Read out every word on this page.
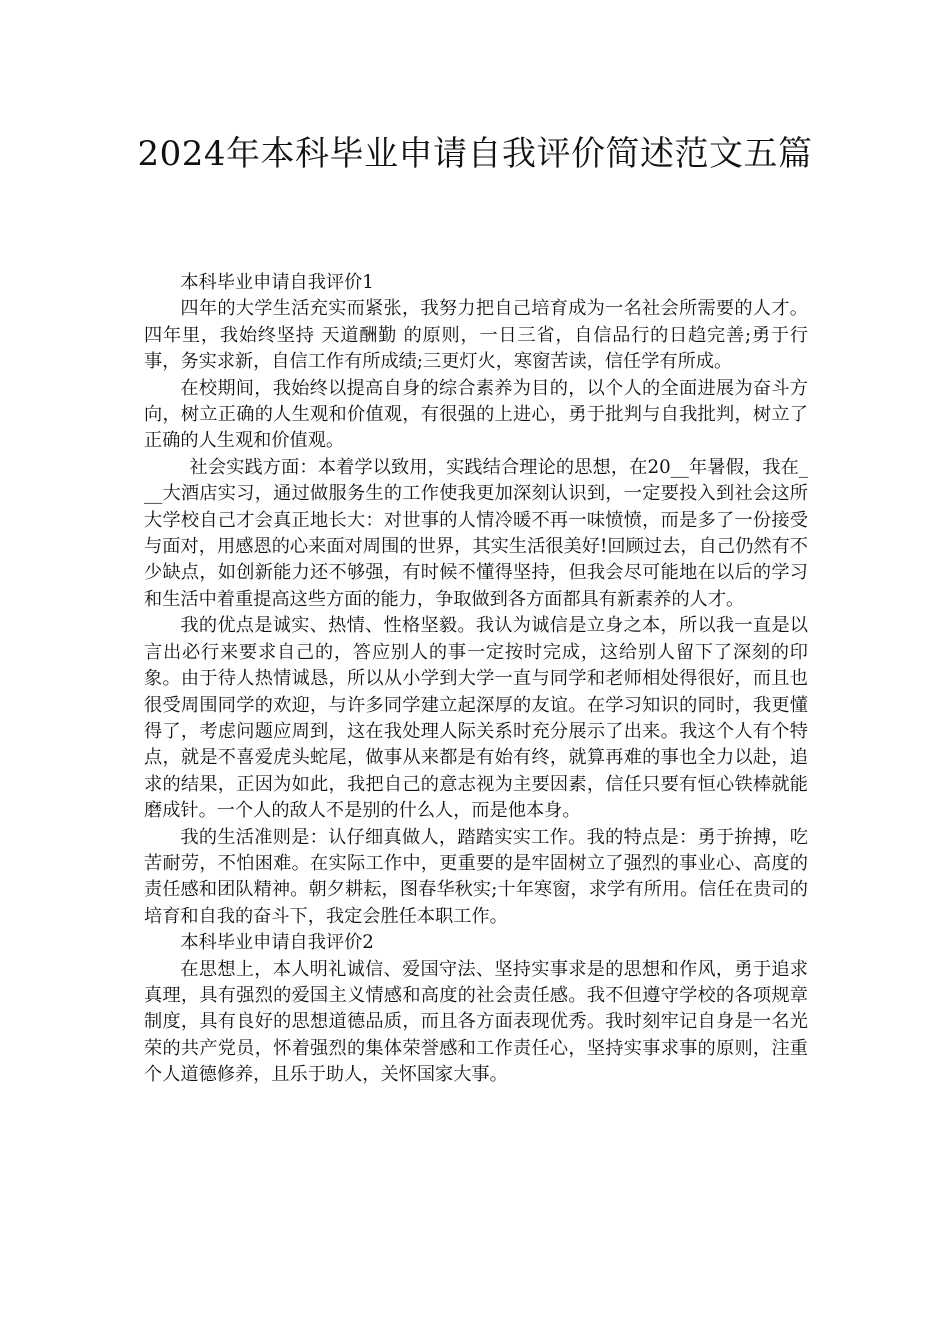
2024年本科毕业申请自我评价简述范文五篇

本科毕业申请自我评价1

四年的大学生活充实而紧张，我努力把自己培育成为一名社会所需要的人才。四年里，我始终坚持 天道酬勤 的原则，一日三省，自信品行的日趋完善;勇于行事，务实求新，自信工作有所成绩;三更灯火，寒窗苦读，信任学有所成。

在校期间，我始终以提高自身的综合素养为目的，以个人的全面进展为奋斗方向，树立正确的人生观和价值观，有很强的上进心，勇于批判与自我批判，树立了正确的人生观和价值观。

社会实践方面：本着学以致用，实践结合理论的思想，在20__年暑假，我在___大酒店实习，通过做服务生的工作使我更加深刻认识到，一定要投入到社会这所大学校自己才会真正地长大：对世事的人情冷暖不再一味愤愤，而是多了一份接受与面对，用感恩的心来面对周围的世界，其实生活很美好!回顾过去，自己仍然有不少缺点，如创新能力还不够强，有时候不懂得坚持，但我会尽可能地在以后的学习和生活中着重提高这些方面的能力，争取做到各方面都具有新素养的人才。

我的优点是诚实、热情、性格坚毅。我认为诚信是立身之本，所以我一直是以言出必行来要求自己的，答应别人的事一定按时完成，这给别人留下了深刻的印象。由于待人热情诚恳，所以从小学到大学一直与同学和老师相处得很好，而且也很受周围同学的欢迎，与许多同学建立起深厚的友谊。在学习知识的同时，我更懂得了，考虑问题应周到，这在我处理人际关系时充分展示了出来。我这个人有个特点，就是不喜爱虎头蛇尾，做事从来都是有始有终，就算再难的事也全力以赴，追求的结果，正因为如此，我把自己的意志视为主要因素，信任只要有恒心铁棒就能磨成针。一个人的敌人不是别的什么人，而是他本身。

我的生活准则是：认仔细真做人，踏踏实实工作。我的特点是：勇于拚搏，吃苦耐劳，不怕困难。在实际工作中，更重要的是牢固树立了强烈的事业心、高度的责任感和团队精神。朝夕耕耘，图春华秋实;十年寒窗，求学有所用。信任在贵司的培育和自我的奋斗下，我定会胜任本职工作。

本科毕业申请自我评价2

在思想上，本人明礼诚信、爱国守法、坚持实事求是的思想和作风，勇于追求真理，具有强烈的爱国主义情感和高度的社会责任感。我不但遵守学校的各项规章制度，具有良好的思想道德品质，而且各方面表现优秀。我时刻牢记自身是一名光荣的共产党员，怀着强烈的集体荣誉感和工作责任心，坚持实事求事的原则，注重个人道德修养，且乐于助人，关怀国家大事。
